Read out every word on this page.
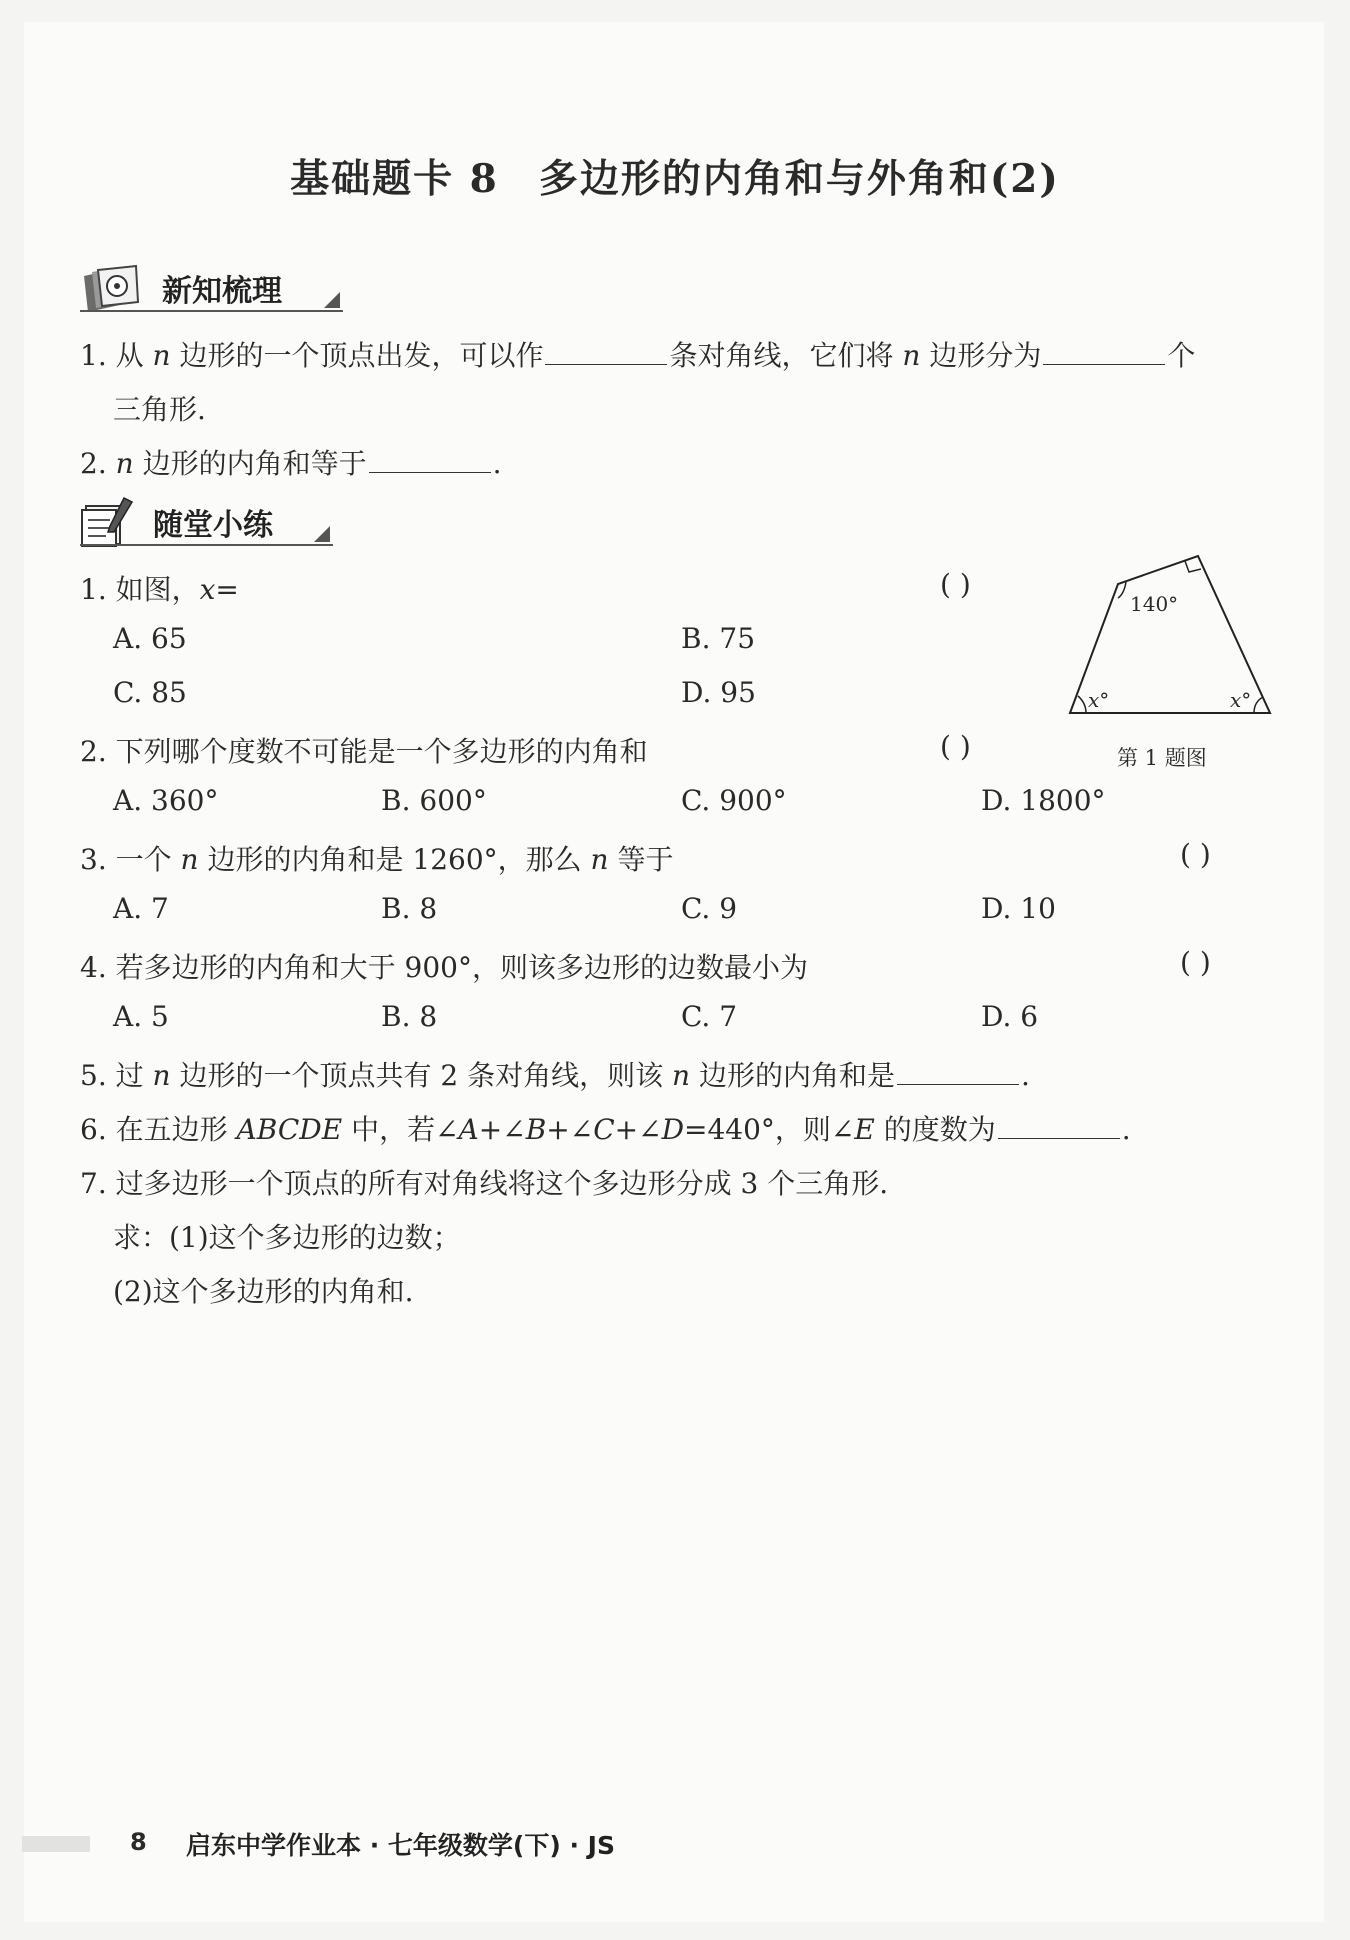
基础题卡 8 多边形的内角和与外角和(2)
新知梳理
1. 从 n 边形的一个顶点出发，可以作	条对角线，它们将 n 边形分为	个
三角形.
2. n 边形的内角和等于	.
随堂小练
1. 如图，x=	( )
A. 65	B. 75
C. 85	D. 95
140°
x°	x°
第 1 题图
2. 下列哪个度数不可能是一个多边形的内角和	( )
A. 360°	B. 600°	C. 900°	D. 1800°
3. 一个 n 边形的内角和是 1260°，那么 n 等于	( )
A. 7	B. 8	C. 9	D. 10
4. 若多边形的内角和大于 900°，则该多边形的边数最小为	( )
A. 5	B. 8	C. 7	D. 6
5. 过 n 边形的一个顶点共有 2 条对角线，则该 n 边形的内角和是	.
6. 在五边形 ABCDE 中，若∠A+∠B+∠C+∠D=440°，则∠E 的度数为	.
7. 过多边形一个顶点的所有对角线将这个多边形分成 3 个三角形.
求：(1)这个多边形的边数；
(2)这个多边形的内角和.
8 启东中学作业本 · 七年级数学(下) · JS
